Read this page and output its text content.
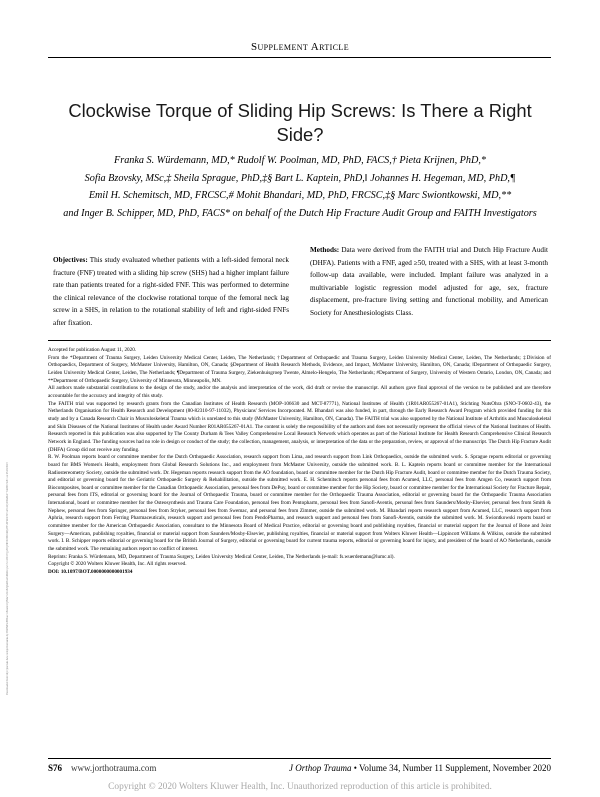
Downloaded from http://journals.lww.com/jorthotrauma by BhDMf5ePHKav1zEoum1tQfN4a+kJLhEZgbsIHo4XMi0hCywCX1AWnYQp/IlQrHD3i3D0OdRyi7TvSFl4Cf3VC4/OAVpDDa8K2+Ya6H515kE= on 05/28/2023
Supplement Article
Clockwise Torque of Sliding Hip Screws: Is There a Right Side?
Franka S. Würdemann, MD,* Rudolf W. Poolman, MD, PhD, FACS,† Pieta Krijnen, PhD,*
Sofia Bzovsky, MSc,‡ Sheila Sprague, PhD,‡§ Bart L. Kaptein, PhD,‖ Johannes H. Hegeman, MD, PhD,¶
Emil H. Schemitsch, MD, FRCSC,# Mohit Bhandari, MD, PhD, FRCSC,‡§ Marc Swiontkowski, MD,**
and Inger B. Schipper, MD, PhD, FACS* on behalf of the Dutch Hip Fracture Audit Group and FAITH Investigators
Objectives: This study evaluated whether patients with a left-sided femoral neck fracture (FNF) treated with a sliding hip screw (SHS) had a higher implant failure rate than patients treated for a right-sided FNF. This was performed to determine the clinical relevance of the clockwise rotational torque of the femoral neck lag screw in a SHS, in relation to the rotational stability of left and right-sided FNFs after fixation.
Methods: Data were derived from the FAITH trial and Dutch Hip Fracture Audit (DHFA). Patients with a FNF, aged ≥50, treated with a SHS, with at least 3-month follow-up data available, were included. Implant failure was analyzed in a multivariable logistic regression model adjusted for age, sex, fracture displacement, pre-fracture living setting and functional mobility, and American Society for Anesthesiologists Class.

Accepted for publication August 11, 2020.

From the *Department of Trauma Surgery, Leiden University Medical Center, Leiden, The Netherlands; †Department of Orthopaedic and Trauma Surgery, Leiden University Medical Center, Leiden, The Netherlands; ‡Division of Orthopaedics, Department of Surgery, McMaster University, Hamilton, ON, Canada; §Department of Health Research Methods, Evidence, and Impact, McMaster University, Hamilton, ON, Canada; ‖Department of Orthopaedic Surgery, Leiden University Medical Center, Leiden, The Netherlands; ¶Department of Trauma Surgery, Ziekenhuisgroep Twente, Almelo-Hengelo, The Netherlands; #Department of Surgery, University of Western Ontario, London, ON, Canada; and **Department of Orthopaedic Surgery, University of Minnesota, Minneapolis, MN.

All authors made substantial contributions to the design of the study, and/or the analysis and interpretation of the work, did draft or revise the manuscript. All authors gave final approval of the version to be published and are therefore accountable for the accuracy and integrity of this study.

The FAITH trial was supported by research grants from the Canadian Institutes of Health Research (MOP-106630 and MCT-87771), National Institutes of Health (1R01AR055267-01A1), Stichting NutsOhra (SNO-T-0602-43), the Netherlands Organisation for Health Research and Development (80-82310-97-11032), Physicians' Services Incorporated. M. Bhandari was also funded, in part, through the Early Research Award Program which provided funding for this study and by a Canada Research Chair in Musculoskeletal Trauma which is unrelated to this study (McMaster University, Hamilton, ON, Canada). The FAITH trial was also supported by the National Institute of Arthritis and Musculoskeletal and Skin Diseases of the National Institutes of Health under Award Number R01AR055267-01A1. The content is solely the responsibility of the authors and does not necessarily represent the official views of the National Institutes of Health. Research reported in this publication was also supported by The County Durham & Tees Valley Comprehensive Local Research Network which operates as part of the National Institute for Health Research Comprehensive Clinical Research Network in England. The funding sources had no role in design or conduct of the study; the collection, management, analysis, or interpretation of the data or the preparation, review, or approval of the manuscript. The Dutch Hip Fracture Audit (DHFA) Group did not receive any funding.

R. W. Poolman reports board or committee member for the Dutch Orthopaedic Association, research support from Lima, and research support from Link Orthopaedics, outside the submitted work. S. Sprague reports editorial or governing board for BMS Women's Health, employment from Global Research Solutions Inc., and employment from McMaster University, outside the submitted work. B. L. Kaptein reports board or committee member for the International Radiostereometry Society, outside the submitted work. Dr. Hegeman reports research support from the AO foundation, board or committee member for the Dutch Hip Fracture Audit, board or committee member for the Dutch Trauma Society, and editorial or governing board for the Geriatric Orthopaedic Surgery & Rehabilitation, outside the submitted work. E. H. Schemitsch reports personal fees from Acumed, LLC, personal fees from Amgen Co, research support from Biocomposites, board or committee member for the Canadian Orthopaedic Association, personal fees from DePuy, board or committee member for the Hip Society, board or committee member for the International Society for Fracture Repair, personal fees from ITS, editorial or governing board for the Journal of Orthopaedic Trauma, board or committee member for the Orthopaedic Trauma Association, editorial or governing board for the Orthopaedic Trauma Association International, board or committee member for the Osteosynthesis and Trauma Care Foundation, personal fees from Pentopharm, personal fees from Sanofi-Aventis, personal fees from Saunders/Mosby-Elsevier, personal fees from Smith & Nephew, personal fees from Springer, personal fees from Stryker, personal fees from Swemac, and personal fees from Zimmer, outside the submitted work. M. Bhandari reports research support from Acumed, LLC, research support from Aphria, research support from Ferring Pharmaceuticals, research support and personal fees from PendoPharma, and research support and personal fees from Sanofi-Aventis, outside the submitted work. M. Swiontkowski reports board or committee member for the American Orthopaedic Association, consultant to the Minnesota Board of Medical Practice, editorial or governing board and publishing royalties, financial or material support for the Journal of Bone and Joint Surgery—American, publishing royalties, financial or material support from Saunders/Mosby-Elsevier, publishing royalties, financial or material support from Wolters Kluwer Health—Lippincott Williams & Wilkins, outside the submitted work. I. B. Schipper reports editorial or governing board for the British Journal of Surgery, editorial or governing board for current trauma reports, editorial or governing board for injury, and president of the board of AO Netherlands, outside the submitted work. The remaining authors report no conflict of interest.

Reprints: Franka S. Würdemann, MD, Department of Trauma Surgery, Leiden University Medical Center, Leiden, The Netherlands (e-mail: fs.wuerdemann@lumc.nl).

Copyright © 2020 Wolters Kluwer Health, Inc. All rights reserved.

DOI: 10.1097/BOT.0000000000001934

S76 www.jorthotrauma.com	J Orthop Trauma • Volume 34, Number 11 Supplement, November 2020
Copyright © 2020 Wolters Kluwer Health, Inc. Unauthorized reproduction of this article is prohibited.
